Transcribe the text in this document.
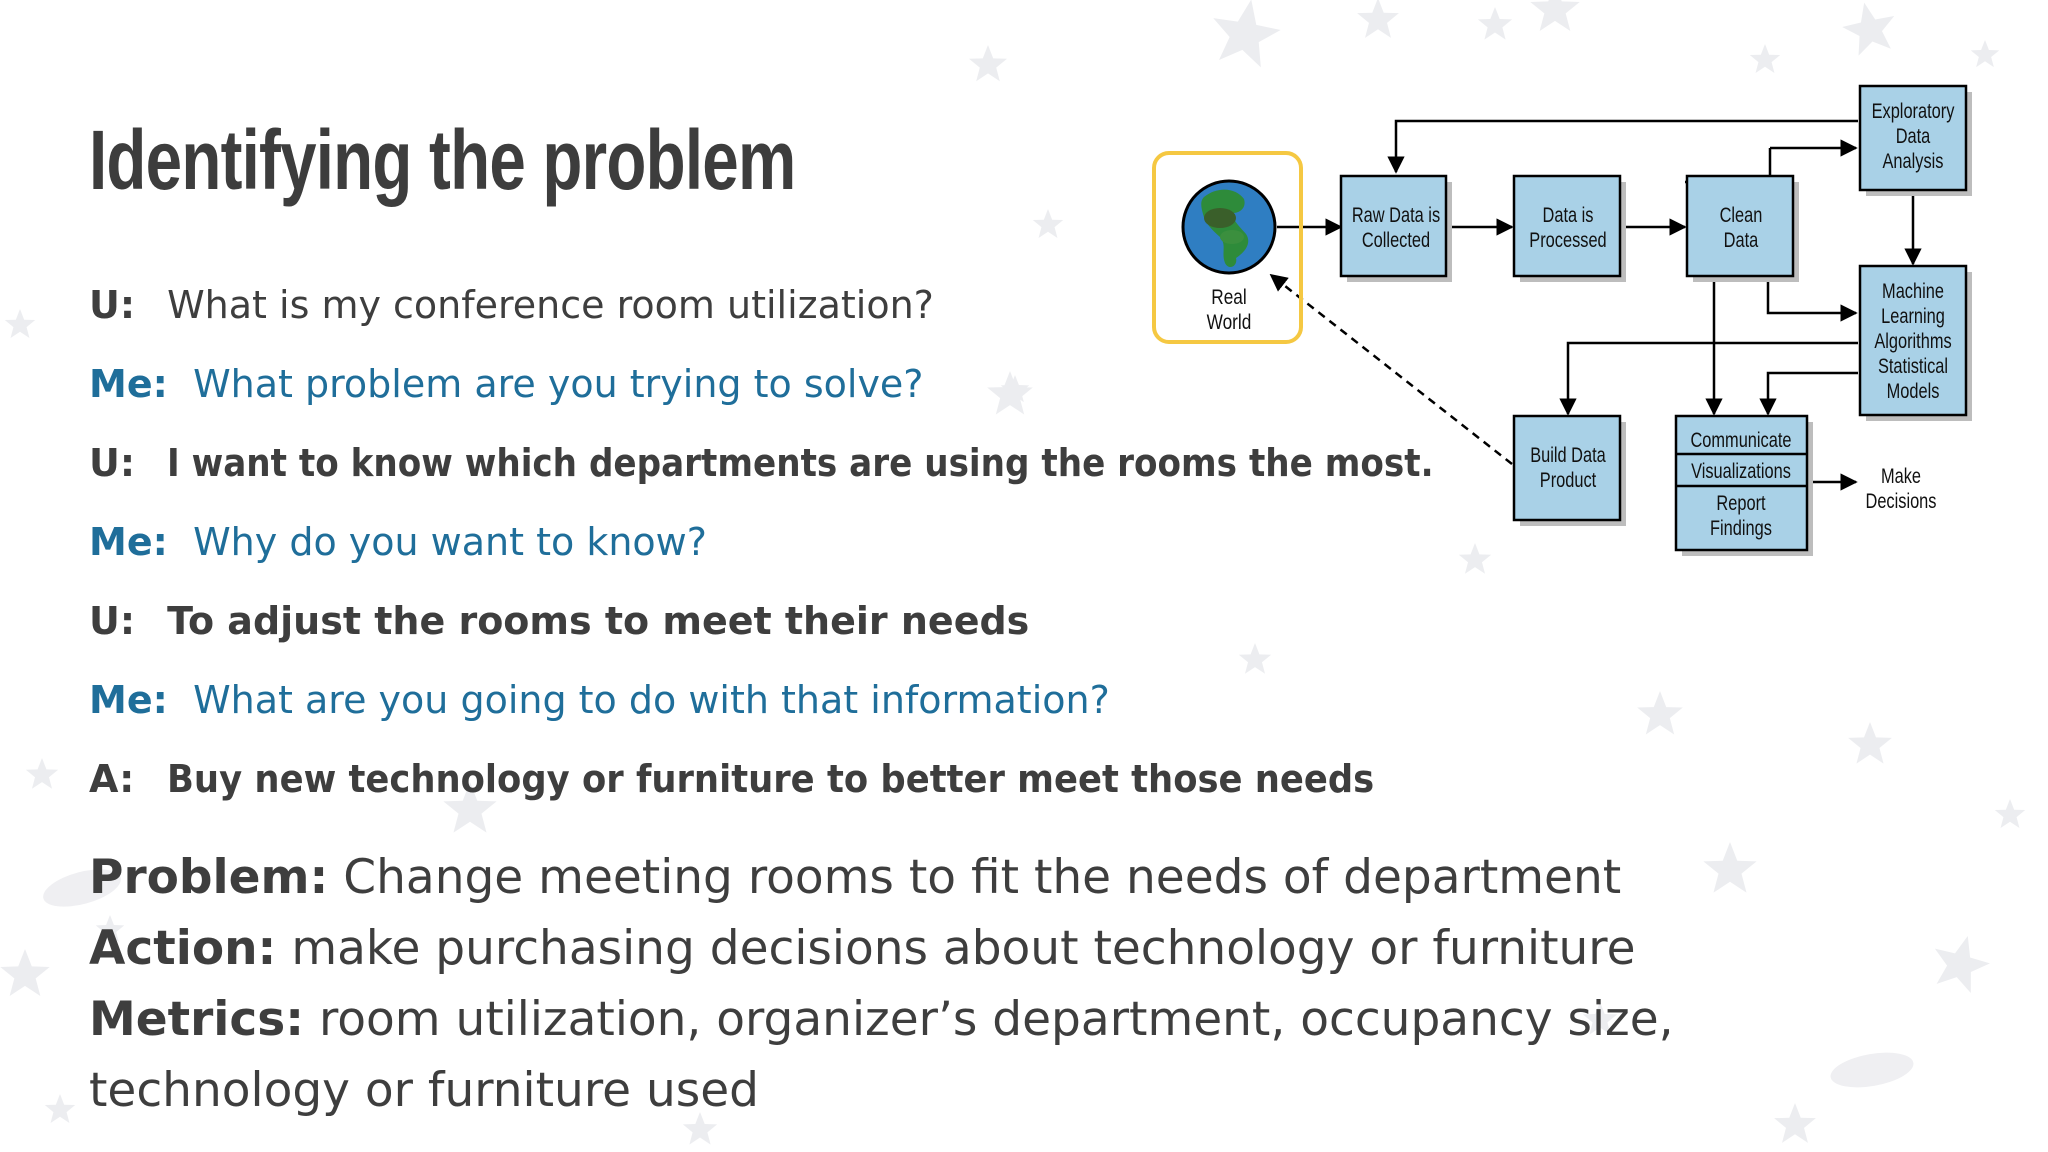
Identifying the problem
U: What is my conference room utilization?
Me: What problem are you trying to solve?
U: I want to know which departments are using the rooms the most.
Me: Why do you want to know?
U: To adjust the rooms to meet their needs
Me: What are you going to do with that information?
A: Buy new technology or furniture to better meet those needs
Problem: Change meeting rooms to fit the needs of department
Action: make purchasing decisions about technology or furniture
Metrics: room utilization, organizer’s department, occupancy size, technology or furniture used
Real
World
Raw Data is
Collected
Data is
Processed
Clean
Data
Exploratory
Data
Analysis
Machine
Learning
Algorithms
Statistical
Models
Build Data
Product
Communicate
Visualizations
Report
Findings
Make
Decisions
